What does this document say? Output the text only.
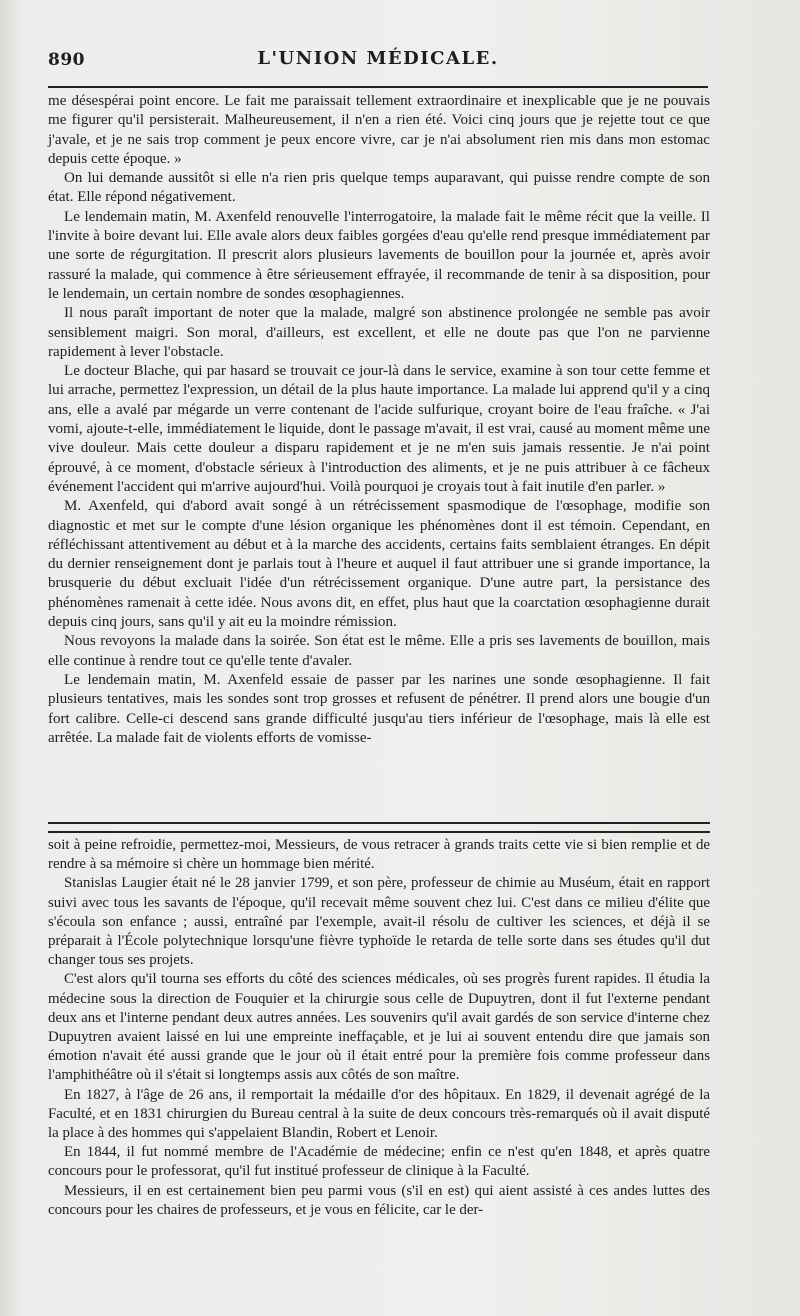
890	L'UNION MÉDICALE.

me désespérai point encore. Le fait me paraissait tellement extraordinaire et inexplicable que je ne pouvais me figurer qu'il persisterait. Malheureusement, il n'en a rien été. Voici cinq jours que je rejette tout ce que j'avale, et je ne sais trop comment je peux encore vivre, car je n'ai absolument rien mis dans mon estomac depuis cette époque. »

On lui demande aussitôt si elle n'a rien pris quelque temps auparavant, qui puisse rendre compte de son état. Elle répond négativement.

Le lendemain matin, M. Axenfeld renouvelle l'interrogatoire, la malade fait le même récit que la veille. Il l'invite à boire devant lui. Elle avale alors deux faibles gorgées d'eau qu'elle rend presque immédiatement par une sorte de régurgitation. Il prescrit alors plusieurs lavements de bouillon pour la journée et, après avoir rassuré la malade, qui commence à être sérieusement effrayée, il recommande de tenir à sa disposition, pour le lendemain, un certain nombre de sondes œsophagiennes.

Il nous paraît important de noter que la malade, malgré son abstinence prolongée ne semble pas avoir sensiblement maigri. Son moral, d'ailleurs, est excellent, et elle ne doute pas que l'on ne parvienne rapidement à lever l'obstacle.

Le docteur Blache, qui par hasard se trouvait ce jour-là dans le service, examine à son tour cette femme et lui arrache, permettez l'expression, un détail de la plus haute importance. La malade lui apprend qu'il y a cinq ans, elle a avalé par mégarde un verre contenant de l'acide sulfurique, croyant boire de l'eau fraîche. « J'ai vomi, ajoute-t-elle, immédiatement le liquide, dont le passage m'avait, il est vrai, causé au moment même une vive douleur. Mais cette douleur a disparu rapidement et je ne m'en suis jamais ressentie. Je n'ai point éprouvé, à ce moment, d'obstacle sérieux à l'introduction des aliments, et je ne puis attribuer à ce fâcheux événement l'accident qui m'arrive aujourd'hui. Voilà pourquoi je croyais tout à fait inutile d'en parler. »

M. Axenfeld, qui d'abord avait songé à un rétrécissement spasmodique de l'œsophage, modifie son diagnostic et met sur le compte d'une lésion organique les phénomènes dont il est témoin. Cependant, en réfléchissant attentivement au début et à la marche des accidents, certains faits semblaient étranges. En dépit du dernier renseignement dont je parlais tout à l'heure et auquel il faut attribuer une si grande importance, la brusquerie du début excluait l'idée d'un rétrécissement organique. D'une autre part, la persistance des phénomènes ramenait à cette idée. Nous avons dit, en effet, plus haut que la coarctation œsophagienne durait depuis cinq jours, sans qu'il y ait eu la moindre rémission.

Nous revoyons la malade dans la soirée. Son état est le même. Elle a pris ses lavements de bouillon, mais elle continue à rendre tout ce qu'elle tente d'avaler.

Le lendemain matin, M. Axenfeld essaie de passer par les narines une sonde œsophagienne. Il fait plusieurs tentatives, mais les sondes sont trop grosses et refusent de pénétrer. Il prend alors une bougie d'un fort calibre. Celle-ci descend sans grande difficulté jusqu'au tiers inférieur de l'œsophage, mais là elle est arrêtée. La malade fait de violents efforts de vomisse-

soit à peine refroidie, permettez-moi, Messieurs, de vous retracer à grands traits cette vie si bien remplie et de rendre à sa mémoire si chère un hommage bien mérité.

Stanislas Laugier était né le 28 janvier 1799, et son père, professeur de chimie au Muséum, était en rapport suivi avec tous les savants de l'époque, qu'il recevait même souvent chez lui. C'est dans ce milieu d'élite que s'écoula son enfance ; aussi, entraîné par l'exemple, avait-il résolu de cultiver les sciences, et déjà il se préparait à l'École polytechnique lorsqu'une fièvre typhoïde le retarda de telle sorte dans ses études qu'il dut changer tous ses projets.

C'est alors qu'il tourna ses efforts du côté des sciences médicales, où ses progrès furent rapides. Il étudia la médecine sous la direction de Fouquier et la chirurgie sous celle de Dupuytren, dont il fut l'externe pendant deux ans et l'interne pendant deux autres années. Les souvenirs qu'il avait gardés de son service d'interne chez Dupuytren avaient laissé en lui une empreinte ineffaçable, et je lui ai souvent entendu dire que jamais son émotion n'avait été aussi grande que le jour où il était entré pour la première fois comme professeur dans l'amphithéâtre où il s'était si longtemps assis aux côtés de son maître.

En 1827, à l'âge de 26 ans, il remportait la médaille d'or des hôpitaux. En 1829, il devenait agrégé de la Faculté, et en 1831 chirurgien du Bureau central à la suite de deux concours très-remarqués où il avait disputé la place à des hommes qui s'appelaient Blandin, Robert et Lenoir.

En 1844, il fut nommé membre de l'Académie de médecine; enfin ce n'est qu'en 1848, et après quatre concours pour le professorat, qu'il fut institué professeur de clinique à la Faculté.

Messieurs, il en est certainement bien peu parmi vous (s'il en est) qui aient assisté à ces andes luttes des concours pour les chaires de professeurs, et je vous en félicite, car le der-
